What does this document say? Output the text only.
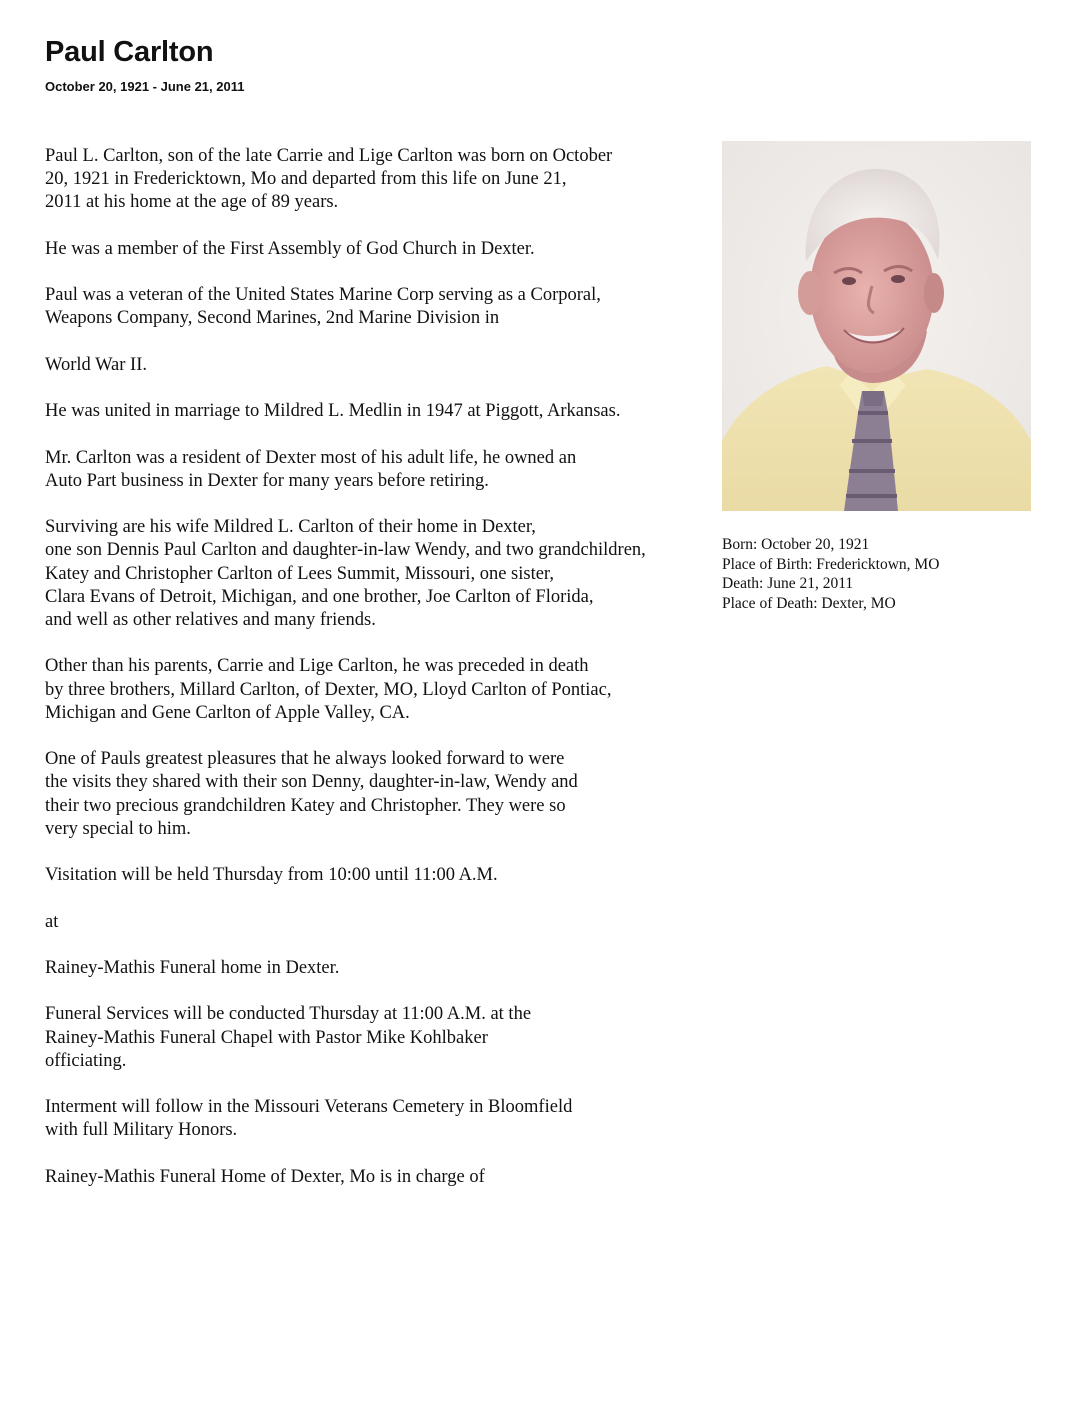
Paul Carlton
October 20, 1921 - June 21, 2011
Born: October 20, 1921
Place of Birth: Fredericktown, MO
Death: June 21, 2011
Place of Death: Dexter, MO

Paul L. Carlton, son of the late Carrie and Lige Carlton was born on October
20, 1921 in Fredericktown, Mo and departed from this life on June 21,
2011 at his home at the age of 89 years.

He was a member of the First Assembly of God Church in Dexter.

Paul was a veteran of the United States Marine Corp serving as a Corporal,
Weapons Company, Second Marines, 2nd Marine Division in

World War II.

He was united in marriage to Mildred L. Medlin in 1947 at Piggott, Arkansas.

Mr. Carlton was a resident of Dexter most of his adult life, he owned an
Auto Part business in Dexter for many years before retiring.

Surviving are his wife Mildred L. Carlton of their home in Dexter,
one son Dennis Paul Carlton and daughter-in-law Wendy, and two grandchildren,
Katey and Christopher Carlton of Lees Summit, Missouri, one sister,
Clara Evans of Detroit, Michigan, and one brother, Joe Carlton of Florida,
and well as other relatives and many friends.

Other than his parents, Carrie and Lige Carlton, he was preceded in death
by three brothers, Millard Carlton, of Dexter, MO, Lloyd Carlton of Pontiac,
Michigan and Gene Carlton of Apple Valley, CA.

One of Pauls greatest pleasures that he always looked forward to were
the visits they shared with their son Denny, daughter-in-law, Wendy and
their two precious grandchildren Katey and Christopher. They were so
very special to him.

Visitation will be held Thursday from 10:00 until 11:00 A.M.

at

Rainey-Mathis Funeral home in Dexter.

Funeral Services will be conducted Thursday at 11:00 A.M. at the
Rainey-Mathis Funeral Chapel with Pastor Mike Kohlbaker
officiating.

Interment will follow in the Missouri Veterans Cemetery in Bloomfield
with full Military Honors.

Rainey-Mathis Funeral Home of Dexter, Mo is in charge of
